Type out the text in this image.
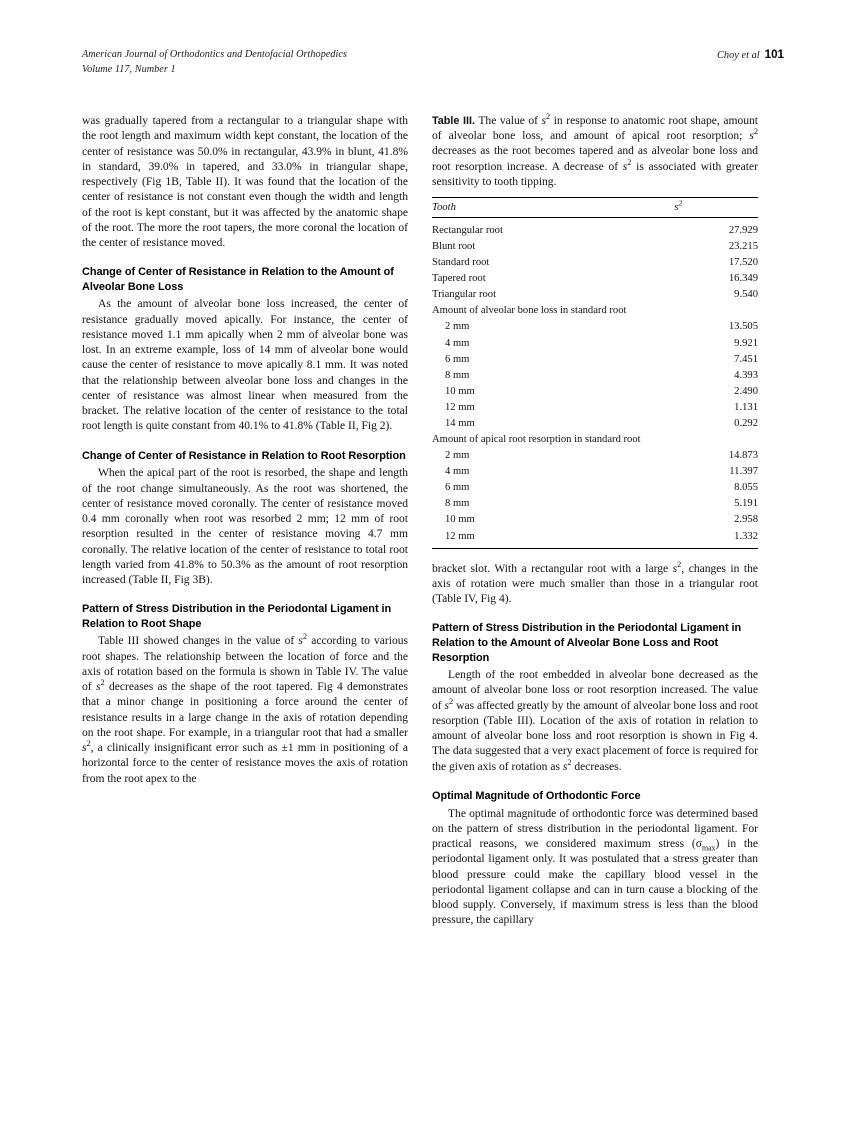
American Journal of Orthodontics and Dentofacial Orthopedics
Volume 117, Number 1
Choy et al 101

was gradually tapered from a rectangular to a triangular shape with the root length and maximum width kept constant, the location of the center of resistance was 50.0% in rectangular, 43.9% in blunt, 41.8% in standard, 39.0% in tapered, and 33.0% in triangular shape, respectively (Fig 1B, Table II). It was found that the location of the center of resistance is not constant even though the width and length of the root is kept constant, but it was affected by the anatomic shape of the root. The more the root tapers, the more coronal the location of the center of resistance moved.

Change of Center of Resistance in Relation to the Amount of Alveolar Bone Loss

As the amount of alveolar bone loss increased, the center of resistance gradually moved apically. For instance, the center of resistance moved 1.1 mm apically when 2 mm of alveolar bone was lost. In an extreme example, loss of 14 mm of alveolar bone would cause the center of resistance to move apically 8.1 mm. It was noted that the relationship between alveolar bone loss and changes in the center of resistance was almost linear when measured from the bracket. The relative location of the center of resistance to the total root length is quite constant from 40.1% to 41.8% (Table II, Fig 2).

Change of Center of Resistance in Relation to Root Resorption

When the apical part of the root is resorbed, the shape and length of the root change simultaneously. As the root was shortened, the center of resistance moved coronally. The center of resistance moved 0.4 mm coronally when root was resorbed 2 mm; 12 mm of root resorption resulted in the center of resistance moving 4.7 mm coronally. The relative location of the center of resistance to total root length varied from 41.8% to 50.3% as the amount of root resorption increased (Table II, Fig 3B).

Pattern of Stress Distribution in the Periodontal Ligament in Relation to Root Shape

Table III showed changes in the value of $s^2$ according to various root shapes. The relationship between the location of force and the axis of rotation based on the formula is shown in Table IV. The value of $s^2$ decreases as the shape of the root tapered. Fig 4 demonstrates that a minor change in positioning a force around the center of resistance results in a large change in the axis of rotation depending on the root shape. For example, in a triangular root that had a smaller $s^2$, a clinically insignificant error such as ±1 mm in positioning of a horizontal force to the center of resistance moves the axis of rotation from the root apex to the

Table III. The value of $s^2$ in response to anatomic root shape, amount of alveolar bone loss, and amount of apical root resorption; $s^2$ decreases as the root becomes tapered and as alveolar bone loss and root resorption increase. A decrease of $s^2$ is associated with greater sensitivity to tooth tipping.

Tooth	$s^2$
Rectangular root	27.929
Blunt root	23.215
Standard root	17.520
Tapered root	16.349
Triangular root	9.540
Amount of alveolar bone loss in standard root	
2 mm	13.505
4 mm	9.921
6 mm	7.451
8 mm	4.393
10 mm	2.490
12 mm	1.131
14 mm	0.292
Amount of apical root resorption in standard root	
2 mm	14.873
4 mm	11.397
6 mm	8.055
8 mm	5.191
10 mm	2.958
12 mm	1.332

bracket slot. With a rectangular root with a large $s^2$, changes in the axis of rotation were much smaller than those in a triangular root (Table IV, Fig 4).

Pattern of Stress Distribution in the Periodontal Ligament in Relation to the Amount of Alveolar Bone Loss and Root Resorption

Length of the root embedded in alveolar bone decreased as the amount of alveolar bone loss or root resorption increased. The value of $s^2$ was affected greatly by the amount of alveolar bone loss and root resorption (Table III). Location of the axis of rotation in relation to amount of alveolar bone loss and root resorption is shown in Fig 4. The data suggested that a very exact placement of force is required for the given axis of rotation as $s^2$ decreases.

Optimal Magnitude of Orthodontic Force

The optimal magnitude of orthodontic force was determined based on the pattern of stress distribution in the periodontal ligament. For practical reasons, we considered maximum stress $(\sigma_{max})$ in the periodontal ligament only. It was postulated that a stress greater than blood pressure could make the capillary blood vessel in the periodontal ligament collapse and can in turn cause a blocking of the blood supply. Conversely, if maximum stress is less than the blood pressure, the capillary
